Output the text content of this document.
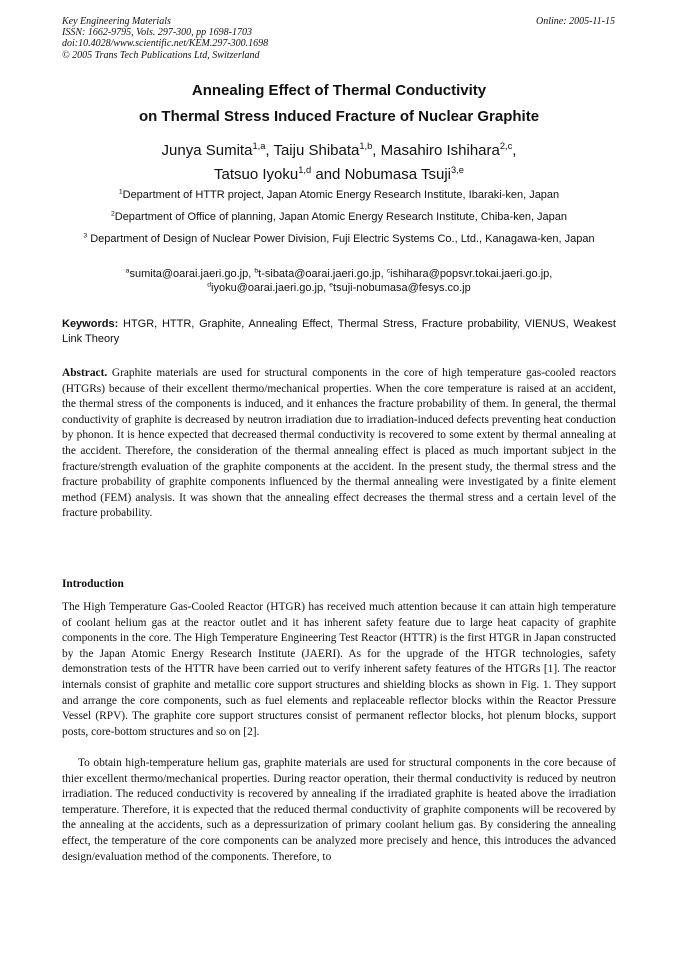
Key Engineering Materials
ISSN: 1662-9795, Vols. 297-300, pp 1698-1703
doi:10.4028/www.scientific.net/KEM.297-300.1698
© 2005 Trans Tech Publications Ltd, Switzerland
Online: 2005-11-15
Annealing Effect of Thermal Conductivity
on Thermal Stress Induced Fracture of Nuclear Graphite
Junya Sumita$^{1,a}$, Taiju Shibata$^{1,b}$, Masahiro Ishihara$^{2,c}$,
Tatsuo Iyoku$^{1,d}$ and Nobumasa Tsuji$^{3,e}$
$^1$Department of HTTR project, Japan Atomic Energy Research Institute, Ibaraki-ken, Japan
$^2$Department of Office of planning, Japan Atomic Energy Research Institute, Chiba-ken, Japan
$^3$ Department of Design of Nuclear Power Division, Fuji Electric Systems Co., Ltd., Kanagawa-ken, Japan
$^a$sumita@oarai.jaeri.go.jp, $^b$t-sibata@oarai.jaeri.go.jp, $^c$ishihara@popsvr.tokai.jaeri.go.jp,
$^d$iyoku@oarai.jaeri.go.jp, $^e$tsuji-nobumasa@fesys.co.jp
Keywords: HTGR, HTTR, Graphite, Annealing Effect, Thermal Stress, Fracture probability, VIENUS, Weakest Link Theory
Abstract. Graphite materials are used for structural components in the core of high temperature gas-cooled reactors (HTGRs) because of their excellent thermo/mechanical properties. When the core temperature is raised at an accident, the thermal stress of the components is induced, and it enhances the fracture probability of them. In general, the thermal conductivity of graphite is decreased by neutron irradiation due to irradiation-induced defects preventing heat conduction by phonon. It is hence expected that decreased thermal conductivity is recovered to some extent by thermal annealing at the accident. Therefore, the consideration of the thermal annealing effect is placed as much important subject in the fracture/strength evaluation of the graphite components at the accident. In the present study, the thermal stress and the fracture probability of graphite components influenced by the thermal annealing were investigated by a finite element method (FEM) analysis. It was shown that the annealing effect decreases the thermal stress and a certain level of the fracture probability.
Introduction
The High Temperature Gas-Cooled Reactor (HTGR) has received much attention because it can attain high temperature of coolant helium gas at the reactor outlet and it has inherent safety feature due to large heat capacity of graphite components in the core. The High Temperature Engineering Test Reactor (HTTR) is the first HTGR in Japan constructed by the Japan Atomic Energy Research Institute (JAERI). As for the upgrade of the HTGR technologies, safety demonstration tests of the HTTR have been carried out to verify inherent safety features of the HTGRs [1]. The reactor internals consist of graphite and metallic core support structures and shielding blocks as shown in Fig. 1. They support and arrange the core components, such as fuel elements and replaceable reflector blocks within the Reactor Pressure Vessel (RPV). The graphite core support structures consist of permanent reflector blocks, hot plenum blocks, support posts, core-bottom structures and so on [2].
To obtain high-temperature helium gas, graphite materials are used for structural components in the core because of thier excellent thermo/mechanical properties. During reactor operation, their thermal conductivity is reduced by neutron irradiation. The reduced conductivity is recovered by annealing if the irradiated graphite is heated above the irradiation temperature. Therefore, it is expected that the reduced thermal conductivity of graphite components will be recovered by the annealing at the accidents, such as a depressurization of primary coolant helium gas. By considering the annealing effect, the temperature of the core components can be analyzed more precisely and hence, this introduces the advanced design/evaluation method of the components. Therefore, to
